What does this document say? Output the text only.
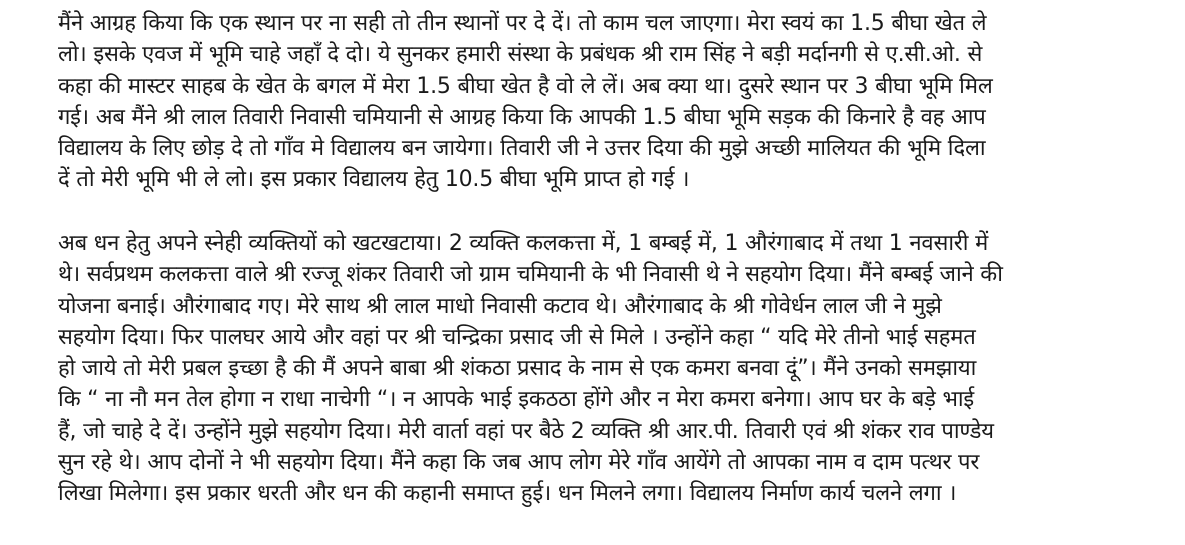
मैंने आग्रह किया कि एक स्थान पर ना सही तो तीन स्थानों पर दे दें। तो काम चल जाएगा। मेरा स्वयं का 1.5 बीघा खेत ले
लो। इसके एवज में भूमि चाहे जहाँ दे दो। ये सुनकर हमारी संस्था के प्रबंधक श्री राम सिंह ने बड़ी मर्दानगी से ए.सी.ओ. से
कहा की मास्टर साहब के खेत के बगल में मेरा 1.5 बीघा खेत है वो ले लें। अब क्या था। दुसरे स्थान पर 3 बीघा भूमि मिल
गई। अब मैंने श्री लाल तिवारी निवासी चमियानी से आग्रह किया कि आपकी 1.5 बीघा भूमि सड़क की किनारे है वह आप
विद्यालय के लिए छोड़ दे तो गाँव मे विद्यालय बन जायेगा। तिवारी जी ने उत्तर दिया की मुझे अच्छी मालियत की भूमि दिला
दें तो मेरी भूमि भी ले लो। इस प्रकार विद्यालय हेतु 10.5 बीघा भूमि प्राप्त हो गई ।

अब धन हेतु अपने स्नेही व्यक्तियों को खटखटाया। 2 व्यक्ति कलकत्ता में, 1 बम्बई में, 1 औरंगाबाद में तथा 1 नवसारी में
थे। सर्वप्रथम कलकत्ता वाले श्री रज्जू शंकर तिवारी जो ग्राम चमियानी के भी निवासी थे ने सहयोग दिया। मैंने बम्बई जाने की
योजना बनाई। औरंगाबाद गए। मेरे साथ श्री लाल माधो निवासी कटाव थे। औरंगाबाद के श्री गोवेर्धन लाल जी ने मुझे
सहयोग दिया। फिर पालघर आये और वहां पर श्री चन्द्रिका प्रसाद जी से मिले । उन्होंने कहा “ यदि मेरे तीनो भाई सहमत
हो जाये तो मेरी प्रबल इच्छा है की मैं अपने बाबा श्री शंकठा प्रसाद के नाम से एक कमरा बनवा दूं”। मैंने उनको समझाया
कि “ ना नौ मन तेल होगा न राधा नाचेगी “। न आपके भाई इकठठा होंगे और न मेरा कमरा बनेगा। आप घर के बड़े भाई
हैं, जो चाहे दे दें। उन्होंने मुझे सहयोग दिया। मेरी वार्ता वहां पर बैठे 2 व्यक्ति श्री आर.पी. तिवारी एवं श्री शंकर राव पाण्डेय
सुन रहे थे। आप दोनों ने भी सहयोग दिया। मैंने कहा कि जब आप लोग मेरे गाँव आयेंगे तो आपका नाम व दाम पत्थर पर
लिखा मिलेगा। इस प्रकार धरती और धन की कहानी समाप्त हुई। धन मिलने लगा। विद्यालय निर्माण कार्य चलने लगा ।
